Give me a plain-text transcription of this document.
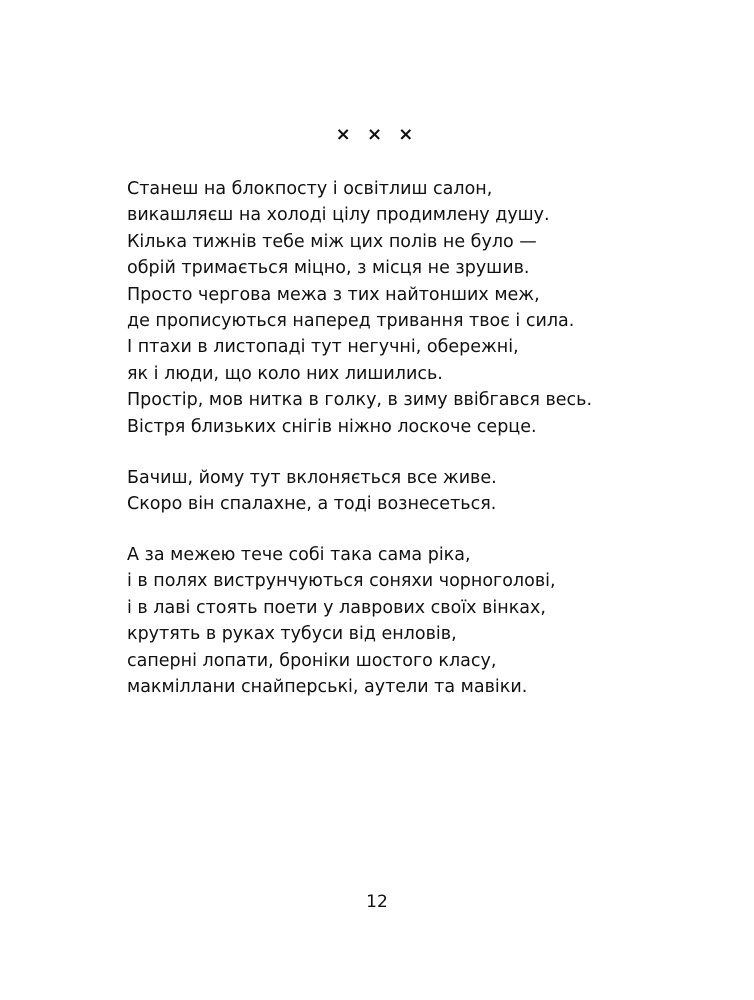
× × ×
Станеш на блокпосту і освітлиш салон,
викашляєш на холоді цілу продимлену душу.
Кілька тижнів тебе між цих полів не було —
обрій тримається міцно, з місця не зрушив.
Просто чергова межа з тих найтонших меж,
де прописуються наперед тривання твоє і сила.
І птахи в листопаді тут негучні, обережні,
як і люди, що коло них лишились.
Простір, мов нитка в голку, в зиму ввібгався весь.
Вістря близьких снігів ніжно лоскоче серце.
Бачиш, йому тут вклоняється все живе.
Скоро він спалахне, а тоді вознесеться.
А за межею тече собі така сама ріка,
і в полях виструнчуються соняхи чорноголові,
і в лаві стоять поети у лаврових своїх вінках,
крутять в руках тубуси від енловів,
саперні лопати, броніки шостого класу,
макміллани снайперські, аутели та мавіки.
12
